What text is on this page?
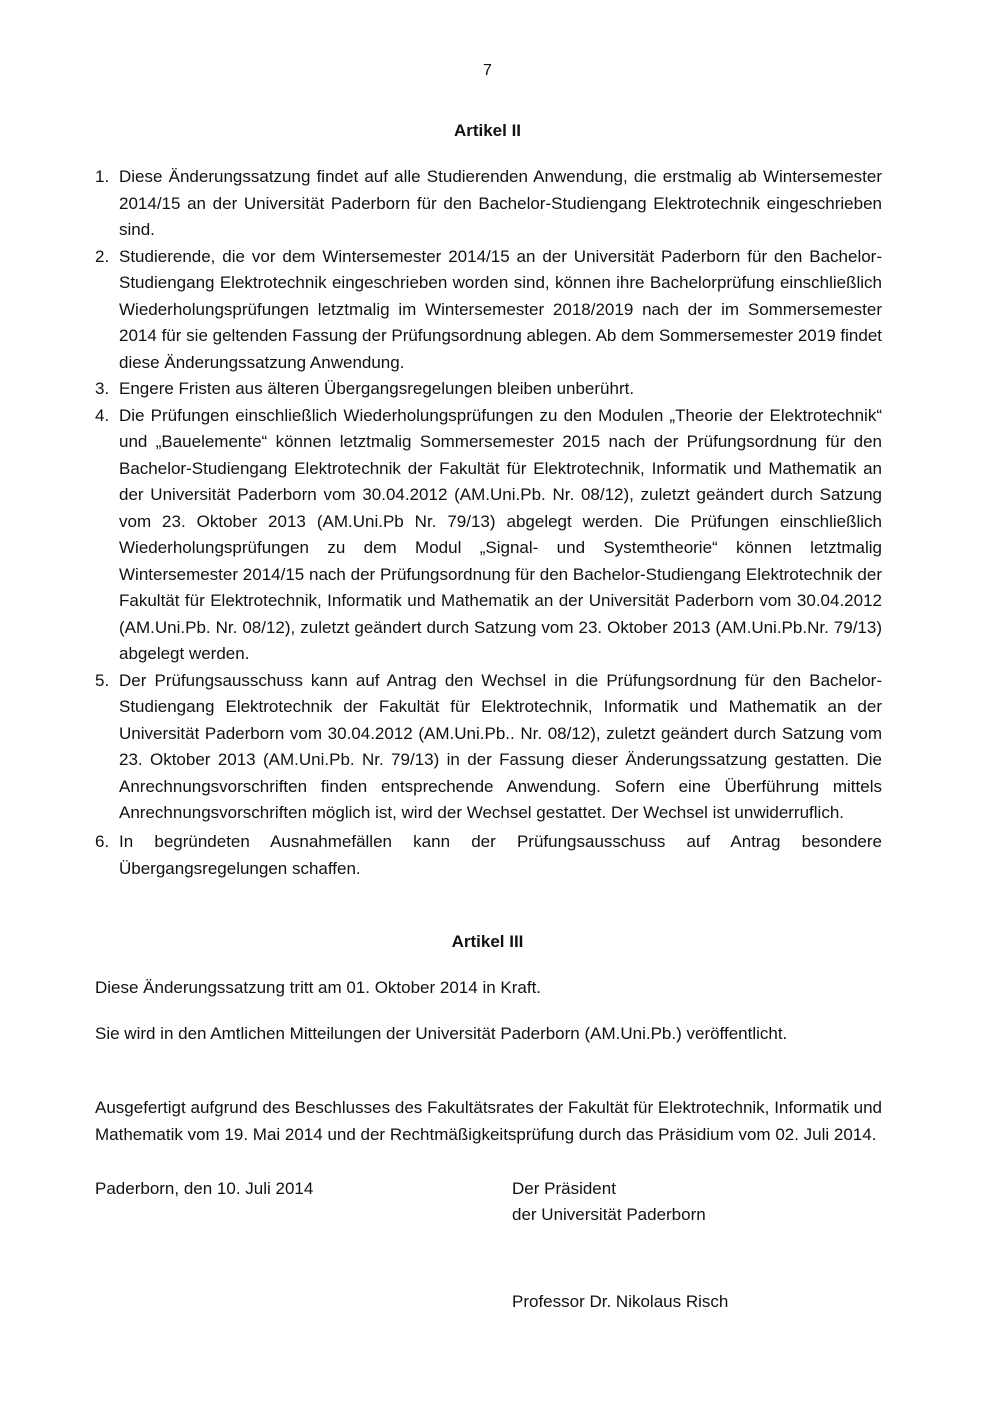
7
Artikel II
1. Diese Änderungssatzung findet auf alle Studierenden Anwendung, die erstmalig ab Wintersemester 2014/15 an der Universität Paderborn für den Bachelor-Studiengang Elektrotechnik eingeschrieben sind.
2. Studierende, die vor dem Wintersemester 2014/15 an der Universität Paderborn für den Bachelor-Studiengang Elektrotechnik eingeschrieben worden sind, können ihre Bachelorprüfung einschließlich Wiederholungsprüfungen letztmalig im Wintersemester 2018/2019 nach der im Sommersemester 2014 für sie geltenden Fassung der Prüfungsordnung ablegen. Ab dem Sommersemester 2019 findet diese Änderungssatzung Anwendung.
3. Engere Fristen aus älteren Übergangsregelungen bleiben unberührt.
4. Die Prüfungen einschließlich Wiederholungsprüfungen zu den Modulen „Theorie der Elektrotechnik“ und „Bauelemente“ können letztmalig Sommersemester 2015 nach der Prüfungsordnung für den Bachelor-Studiengang Elektrotechnik der Fakultät für Elektrotechnik, Informatik und Mathematik an der Universität Paderborn vom 30.04.2012 (AM.Uni.Pb. Nr. 08/12), zuletzt geändert durch Satzung vom 23. Oktober 2013 (AM.Uni.Pb Nr. 79/13) abgelegt werden. Die Prüfungen einschließlich Wiederholungsprüfungen zu dem Modul „Signal- und Systemtheorie“ können letztmalig Wintersemester 2014/15 nach der Prüfungsordnung für den Bachelor-Studiengang Elektrotechnik der Fakultät für Elektrotechnik, Informatik und Mathematik an der Universität Paderborn vom 30.04.2012 (AM.Uni.Pb. Nr. 08/12), zuletzt geändert durch Satzung vom 23. Oktober 2013 (AM.Uni.Pb.Nr. 79/13) abgelegt werden.
5. Der Prüfungsausschuss kann auf Antrag den Wechsel in die Prüfungsordnung für den Bachelor-Studiengang Elektrotechnik der Fakultät für Elektrotechnik, Informatik und Mathematik an der Universität Paderborn vom 30.04.2012 (AM.Uni.Pb.. Nr. 08/12), zuletzt geändert durch Satzung vom 23. Oktober 2013 (AM.Uni.Pb. Nr. 79/13) in der Fassung dieser Änderungssatzung gestatten. Die Anrechnungsvorschriften finden entsprechende Anwendung. Sofern eine Überführung mittels Anrechnungsvorschriften möglich ist, wird der Wechsel gestattet. Der Wechsel ist unwiderruflich.
6. In begründeten Ausnahmefällen kann der Prüfungsausschuss auf Antrag besondere Übergangsregelungen schaffen.
Artikel III

Diese Änderungssatzung tritt am 01. Oktober 2014 in Kraft.

Sie wird in den Amtlichen Mitteilungen der Universität Paderborn (AM.Uni.Pb.) veröffentlicht.

Ausgefertigt aufgrund des Beschlusses des Fakultätsrates der Fakultät für Elektrotechnik, Informatik und Mathematik vom 19. Mai 2014 und der Rechtmäßigkeitsprüfung durch das Präsidium vom 02. Juli 2014.

Paderborn, den 10. Juli 2014	Der Präsident
der Universität Paderborn
Professor Dr. Nikolaus Risch
